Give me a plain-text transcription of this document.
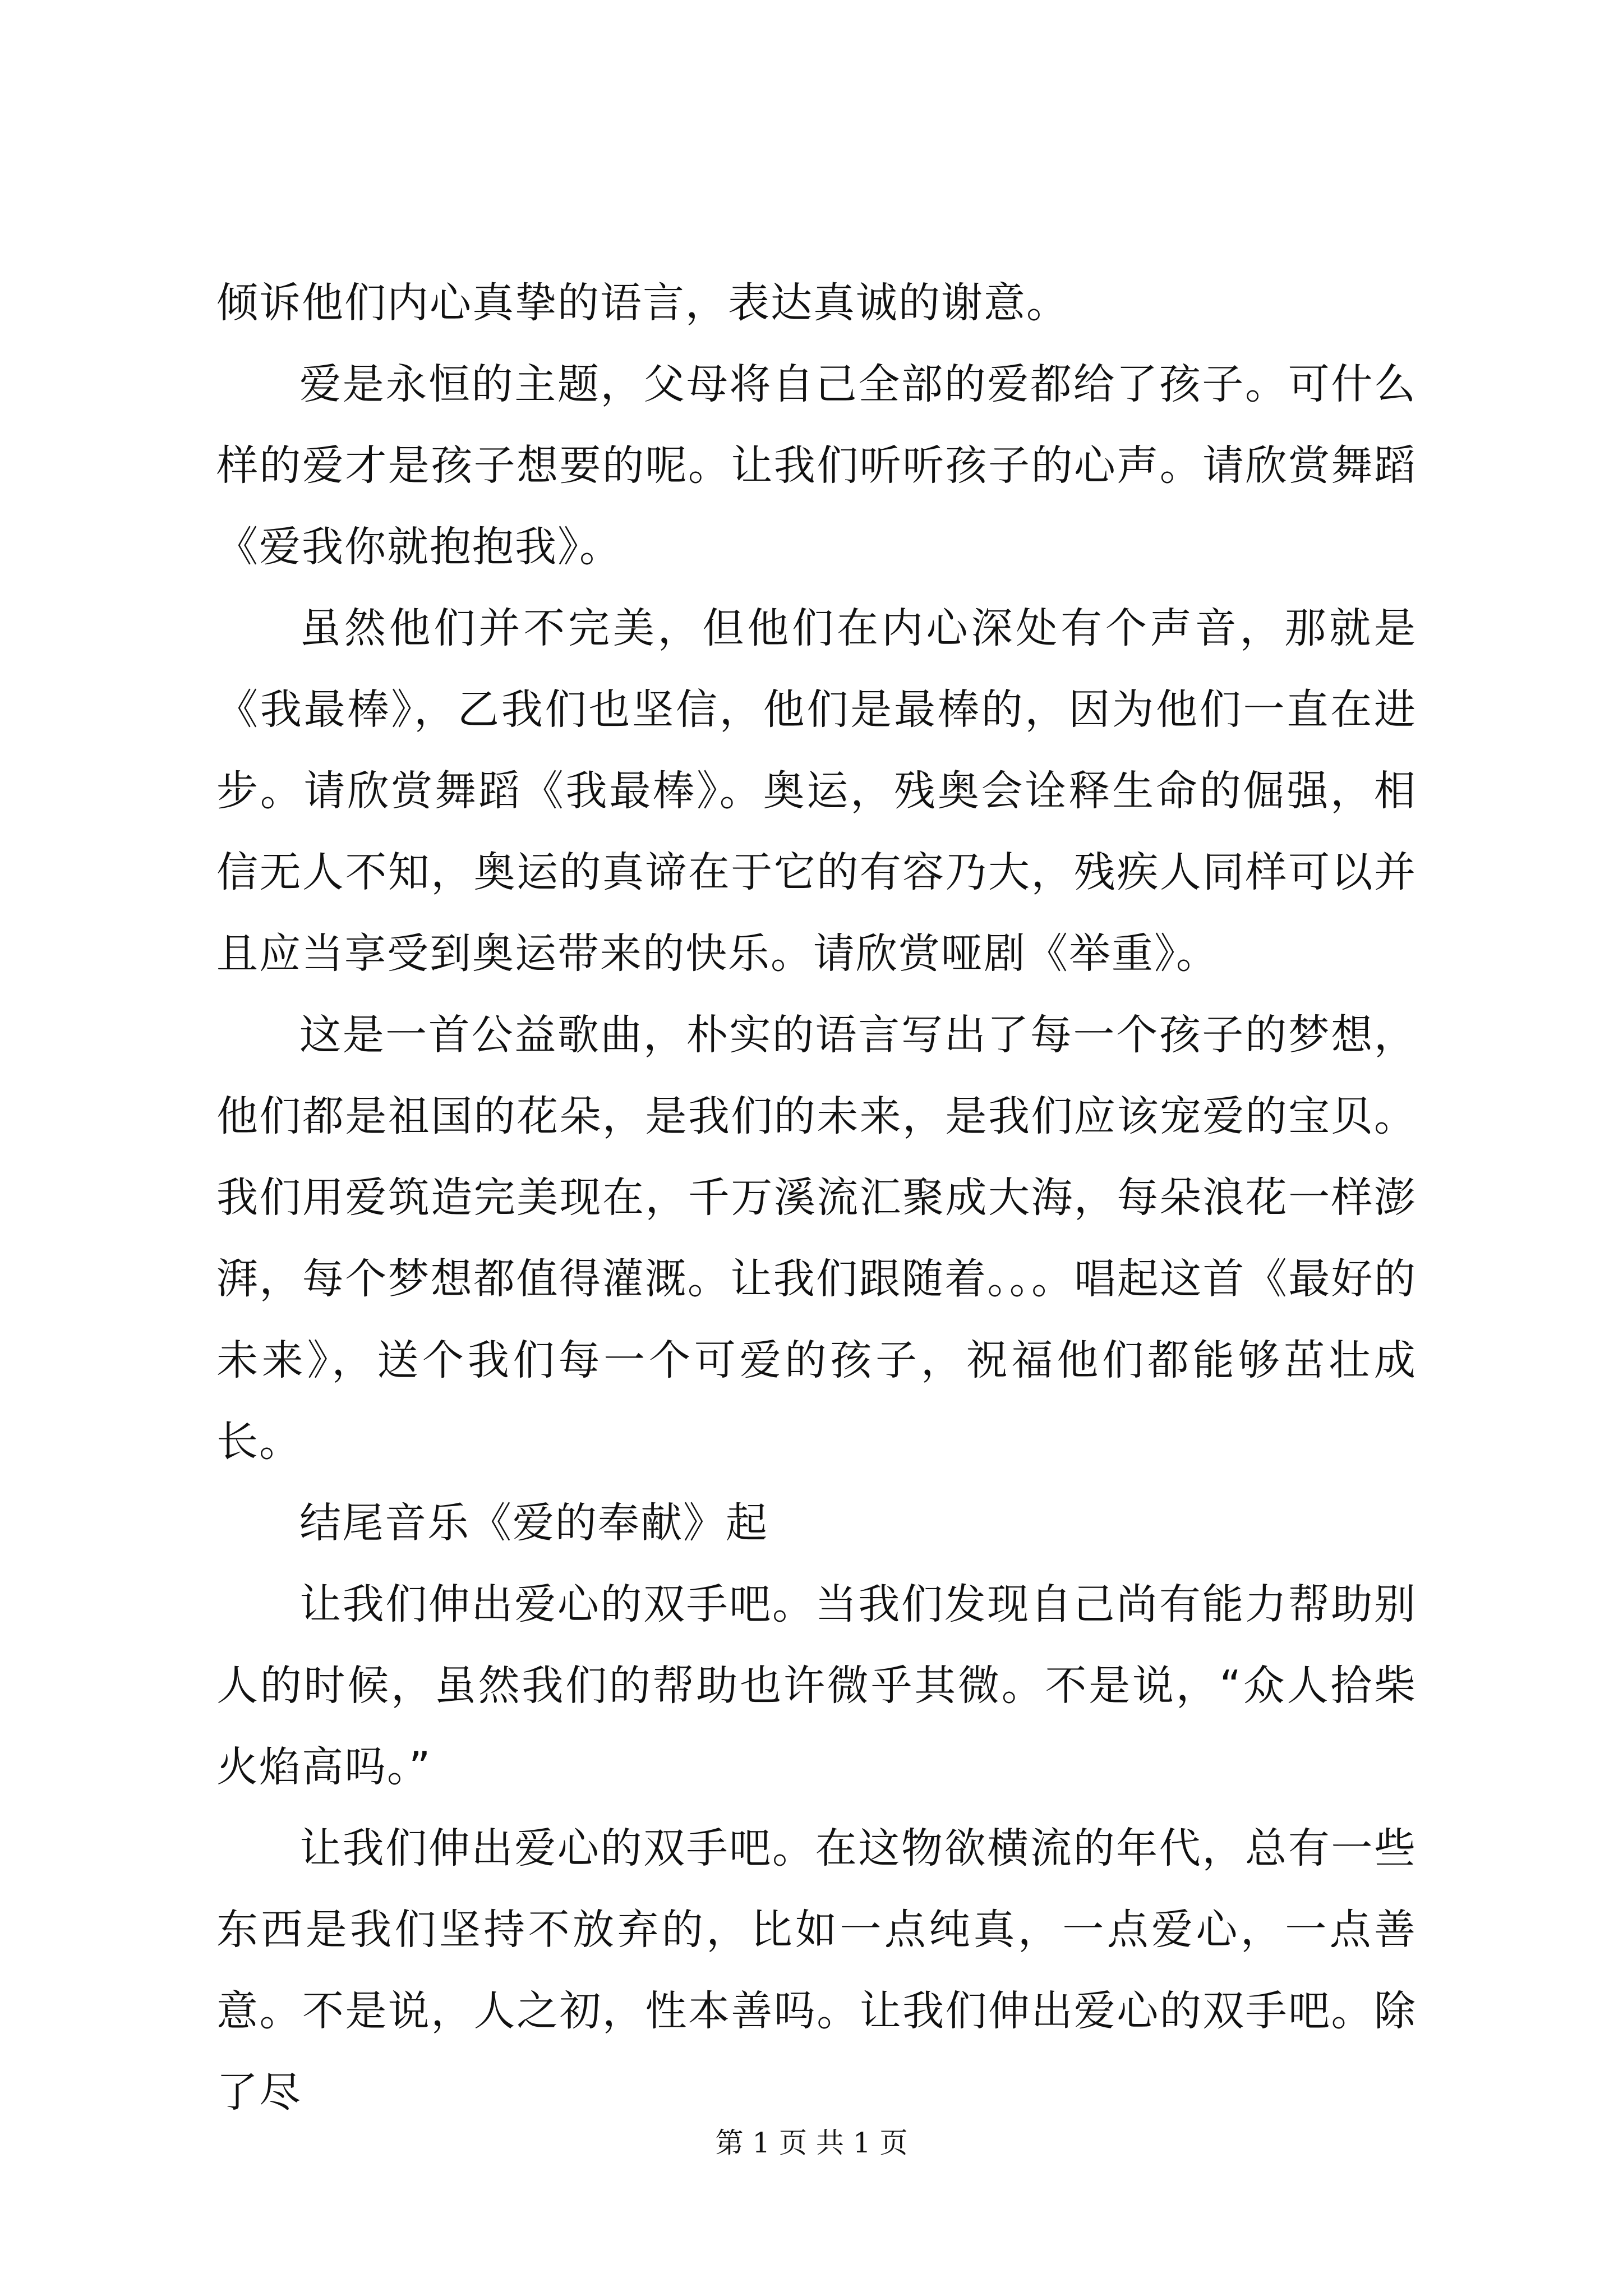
倾诉他们内心真挚的语言，表达真诚的谢意。

爱是永恒的主题，父母将自己全部的爱都给了孩子。可什么样的爱才是孩子想要的呢。让我们听听孩子的心声。请欣赏舞蹈《爱我你就抱抱我》。

虽然他们并不完美，但他们在内心深处有个声音，那就是《我最棒》，乙我们也坚信，他们是最棒的，因为他们一直在进步。请欣赏舞蹈《我最棒》。奥运，残奥会诠释生命的倔强，相信无人不知，奥运的真谛在于它的有容乃大，残疾人同样可以并且应当享受到奥运带来的快乐。请欣赏哑剧《举重》。

这是一首公益歌曲，朴实的语言写出了每一个孩子的梦想，他们都是祖国的花朵，是我们的未来，是我们应该宠爱的宝贝。我们用爱筑造完美现在，千万溪流汇聚成大海，每朵浪花一样澎湃，每个梦想都值得灌溉。让我们跟随着。。。唱起这首《最好的未来》，送个我们每一个可爱的孩子，祝福他们都能够茁壮成长。

结尾音乐《爱的奉献》起

让我们伸出爱心的双手吧。当我们发现自己尚有能力帮助别人的时候，虽然我们的帮助也许微乎其微。不是说，“众人拾柴火焰高吗。”

让我们伸出爱心的双手吧。在这物欲横流的年代，总有一些东西是我们坚持不放弃的，比如一点纯真，一点爱心，一点善意。不是说，人之初，性本善吗。让我们伸出爱心的双手吧。除了尽

第 1 页 共 1 页
